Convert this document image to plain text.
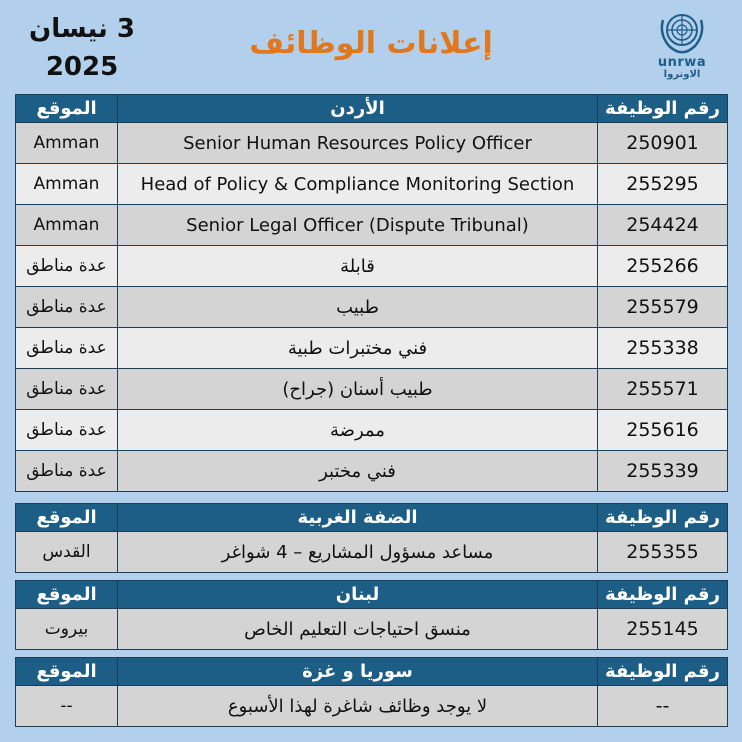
3 نيسان
2025
إعلانات الوظائف
unrwa
الاونروا
الموقع	الأردن	رقم الوظيفة
Amman	Senior Human Resources Policy Officer	250901
Amman	Head of Policy & Compliance Monitoring Section	255295
Amman	Senior Legal Officer (Dispute Tribunal)	254424
عدة مناطق	قابلة	255266
عدة مناطق	طبيب	255579
عدة مناطق	فني مختبرات طبية	255338
عدة مناطق	طبيب أسنان (جراح)	255571
عدة مناطق	ممرضة	255616
عدة مناطق	فني مختبر	255339
الموقع	الضفة الغربية	رقم الوظيفة
القدس	مساعد مسؤول المشاريع – 4 شواغر	255355
الموقع	لبنان	رقم الوظيفة
بيروت	منسق احتياجات التعليم الخاص	255145
الموقع	سوريا و غزة	رقم الوظيفة
--	لا يوجد وظائف شاغرة لهذا الأسبوع	--
